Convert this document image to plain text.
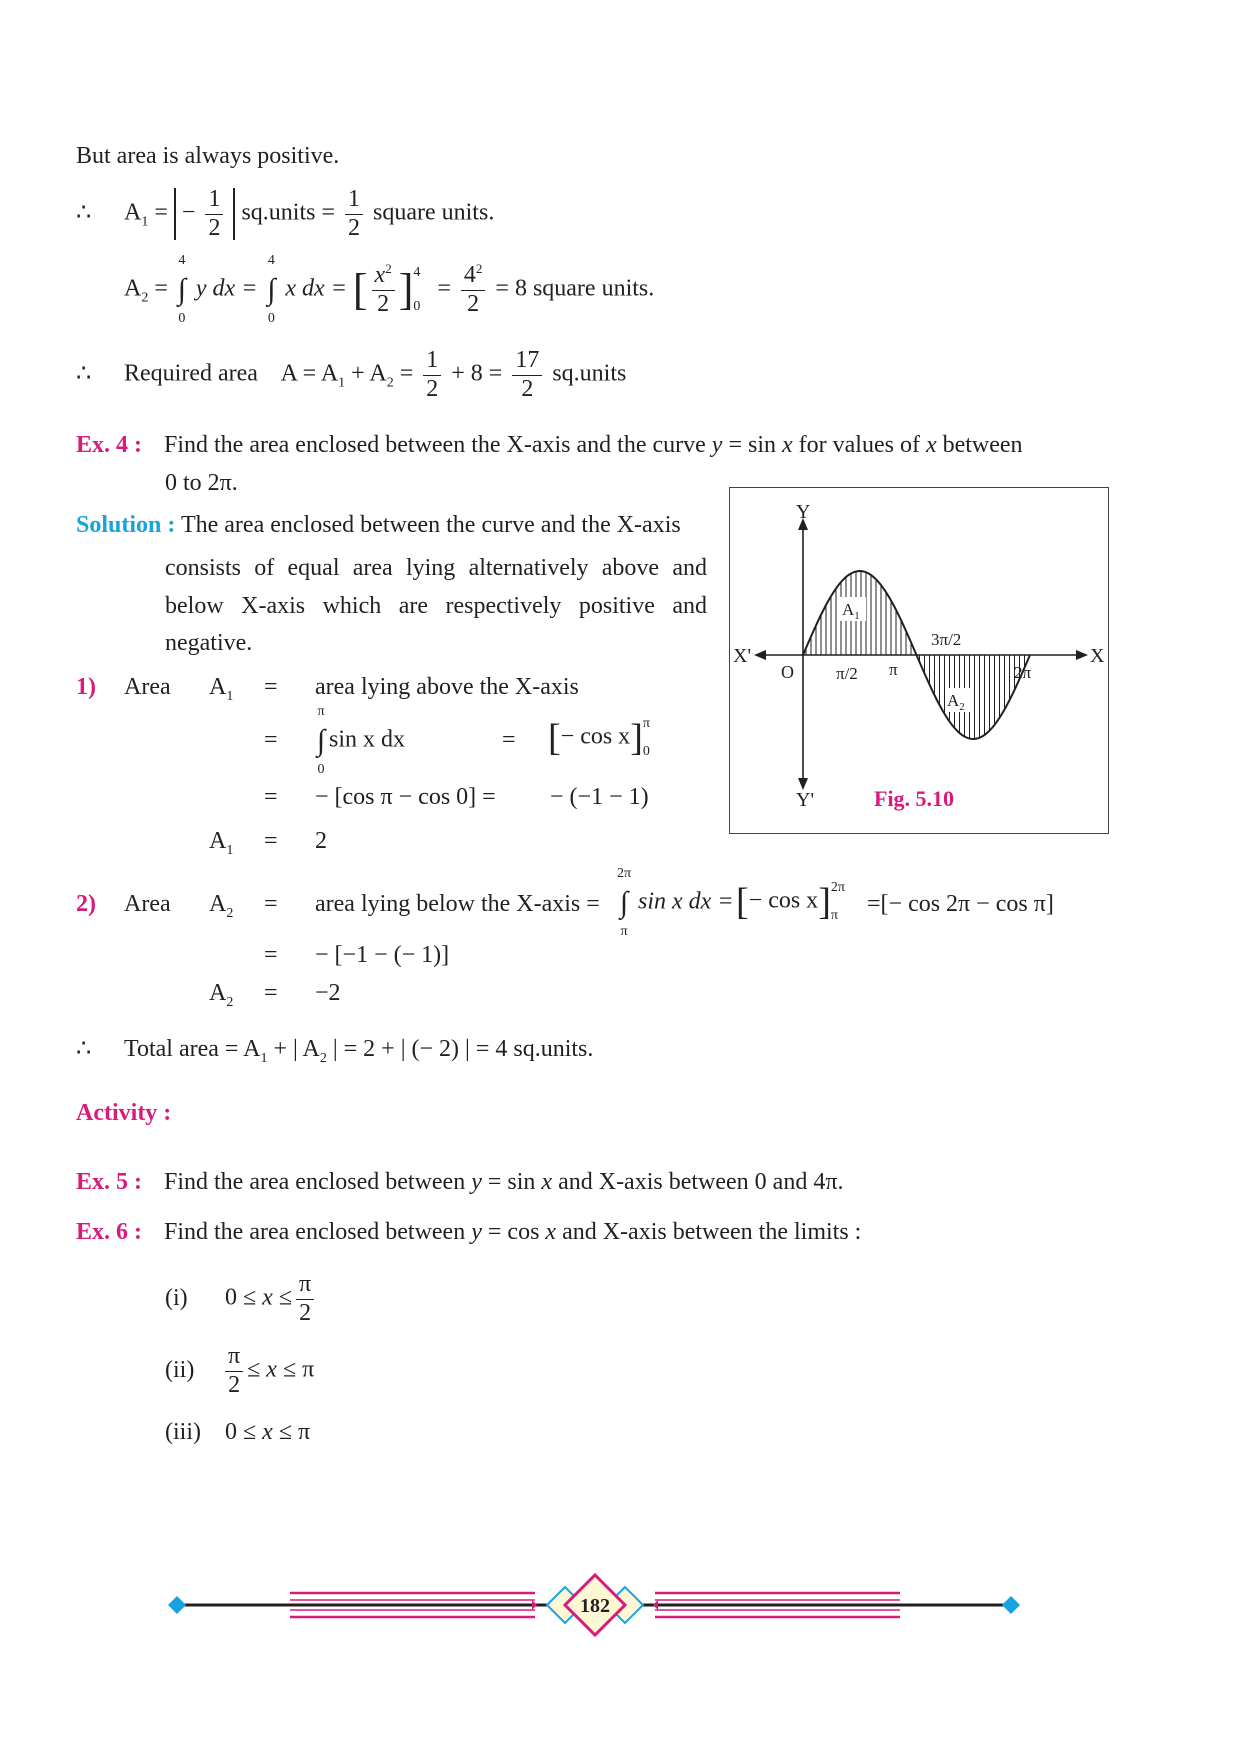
But area is always positive.
∴ $A_1$ = − $\frac{1}{2}$ sq.units = $\frac{1}{2}$ square units.
$A_2$ = ∫
4
0
y dx = ∫
4
0
x dx = [ $\frac{x^2}{2}$ ] 4
0
= $\frac{4^2}{2} = 8$ square units.
∴ Required area $A = A_1 + A_2 = \frac{1}{2} + 8 = \frac{17}{2}$ sq.units
Ex. 4 : Find the area enclosed between the X-axis and the curve y = sin x for values of x between
0 to 2π.
Solution : The area enclosed between the curve and the X-axis
consists of equal area lying alternatively above and below X-axis which are respectively positive and negative.
1) Area $A_1$ = area lying above the X-axis
= ∫
π
0
sin x dx	= [− cos x] π
0
= − [cos π − cos 0] = − (−1 − 1)
$A_1 = 2$
2) Area $A_2$ = area lying below the X-axis = ∫
2π
π
sin x dx = [− cos x] 2π
π =[− cos 2π − cos π]
= − [−1 − (− 1)]
$A_2 = -2$
∴ Total area = $A_1$ + | $A_2$ | = 2 + | (− 2) | = 4 sq.units.
Activity :
Ex. 5 : Find the area enclosed between y = sin x and X-axis between 0 and 4π.
Ex. 6 : Find the area enclosed between y = cos x and X-axis between the limits :
(i) $0 \le x \le \frac{\pi}{2}$
$(ii) \frac{\pi}{2} \le x \le \pi$
(iii) 0 ≤ x ≤ π
Y
Y'
X
X'
O π/2 π
3π/2
2π
$A_1$
$A_2$
Fig. 5.10
182
